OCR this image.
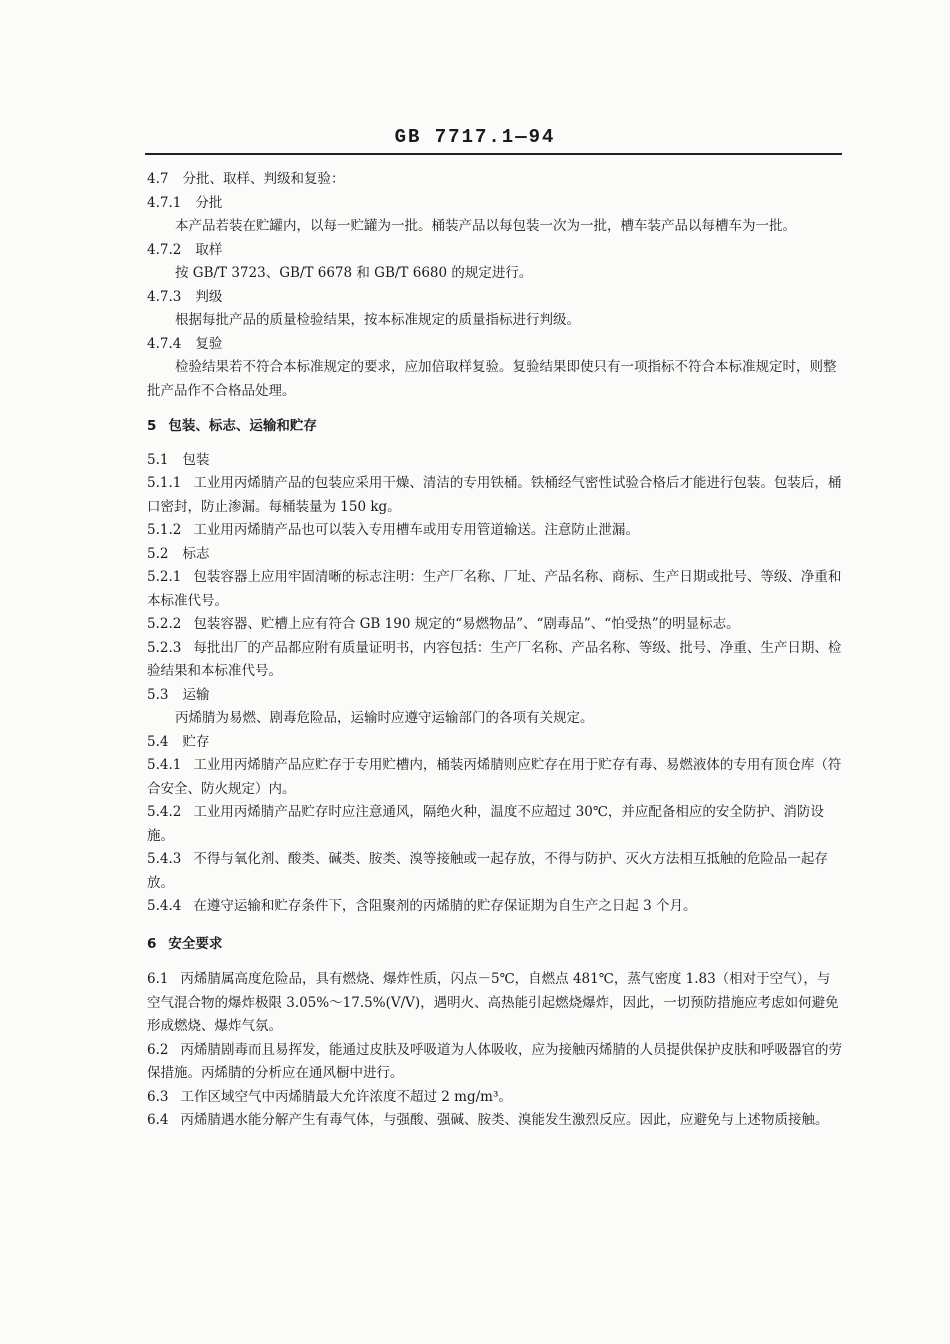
GB 7717.1—94

4.7 分批、取样、判级和复验：

4.7.1 分批

本产品若装在贮罐内，以每一贮罐为一批。桶装产品以每包装一次为一批，槽车装产品以每槽车为一批。

4.7.2 取样

按 GB/T 3723、GB/T 6678 和 GB/T 6680 的规定进行。

4.7.3 判级

根据每批产品的质量检验结果，按本标准规定的质量指标进行判级。

4.7.4 复验

检验结果若不符合本标准规定的要求，应加倍取样复验。复验结果即使只有一项指标不符合本标准规定时，则整批产品作不合格品处理。

5 包装、标志、运输和贮存

5.1 包装

5.1.1 工业用丙烯腈产品的包装应采用干燥、清洁的专用铁桶。铁桶经气密性试验合格后才能进行包装。包装后，桶口密封，防止渗漏。每桶装量为 150 kg。

5.1.2 工业用丙烯腈产品也可以装入专用槽车或用专用管道输送。注意防止泄漏。

5.2 标志

5.2.1 包装容器上应用牢固清晰的标志注明：生产厂名称、厂址、产品名称、商标、生产日期或批号、等级、净重和本标准代号。

5.2.2 包装容器、贮槽上应有符合 GB 190 规定的“易燃物品”、“剧毒品”、“怕受热”的明显标志。

5.2.3 每批出厂的产品都应附有质量证明书，内容包括：生产厂名称、产品名称、等级、批号、净重、生产日期、检验结果和本标准代号。

5.3 运输

丙烯腈为易燃、剧毒危险品，运输时应遵守运输部门的各项有关规定。

5.4 贮存

5.4.1 工业用丙烯腈产品应贮存于专用贮槽内，桶装丙烯腈则应贮存在用于贮存有毒、易燃液体的专用有顶仓库（符合安全、防火规定）内。

5.4.2 工业用丙烯腈产品贮存时应注意通风，隔绝火种，温度不应超过 30℃，并应配备相应的安全防护、消防设施。

5.4.3 不得与氧化剂、酸类、碱类、胺类、溴等接触或一起存放，不得与防护、灭火方法相互抵触的危险品一起存放。

5.4.4 在遵守运输和贮存条件下，含阻聚剂的丙烯腈的贮存保证期为自生产之日起 3 个月。

6 安全要求

6.1 丙烯腈属高度危险品，具有燃烧、爆炸性质，闪点－5℃，自燃点 481℃，蒸气密度 1.83（相对于空气），与空气混合物的爆炸极限 3.05%～17.5%(V/V)，遇明火、高热能引起燃烧爆炸，因此，一切预防措施应考虑如何避免形成燃烧、爆炸气氛。

6.2 丙烯腈剧毒而且易挥发，能通过皮肤及呼吸道为人体吸收，应为接触丙烯腈的人员提供保护皮肤和呼吸器官的劳保措施。丙烯腈的分析应在通风橱中进行。

6.3 工作区域空气中丙烯腈最大允许浓度不超过 2 mg/m³。

6.4 丙烯腈遇水能分解产生有毒气体，与强酸、强碱、胺类、溴能发生激烈反应。因此，应避免与上述物质接触。
